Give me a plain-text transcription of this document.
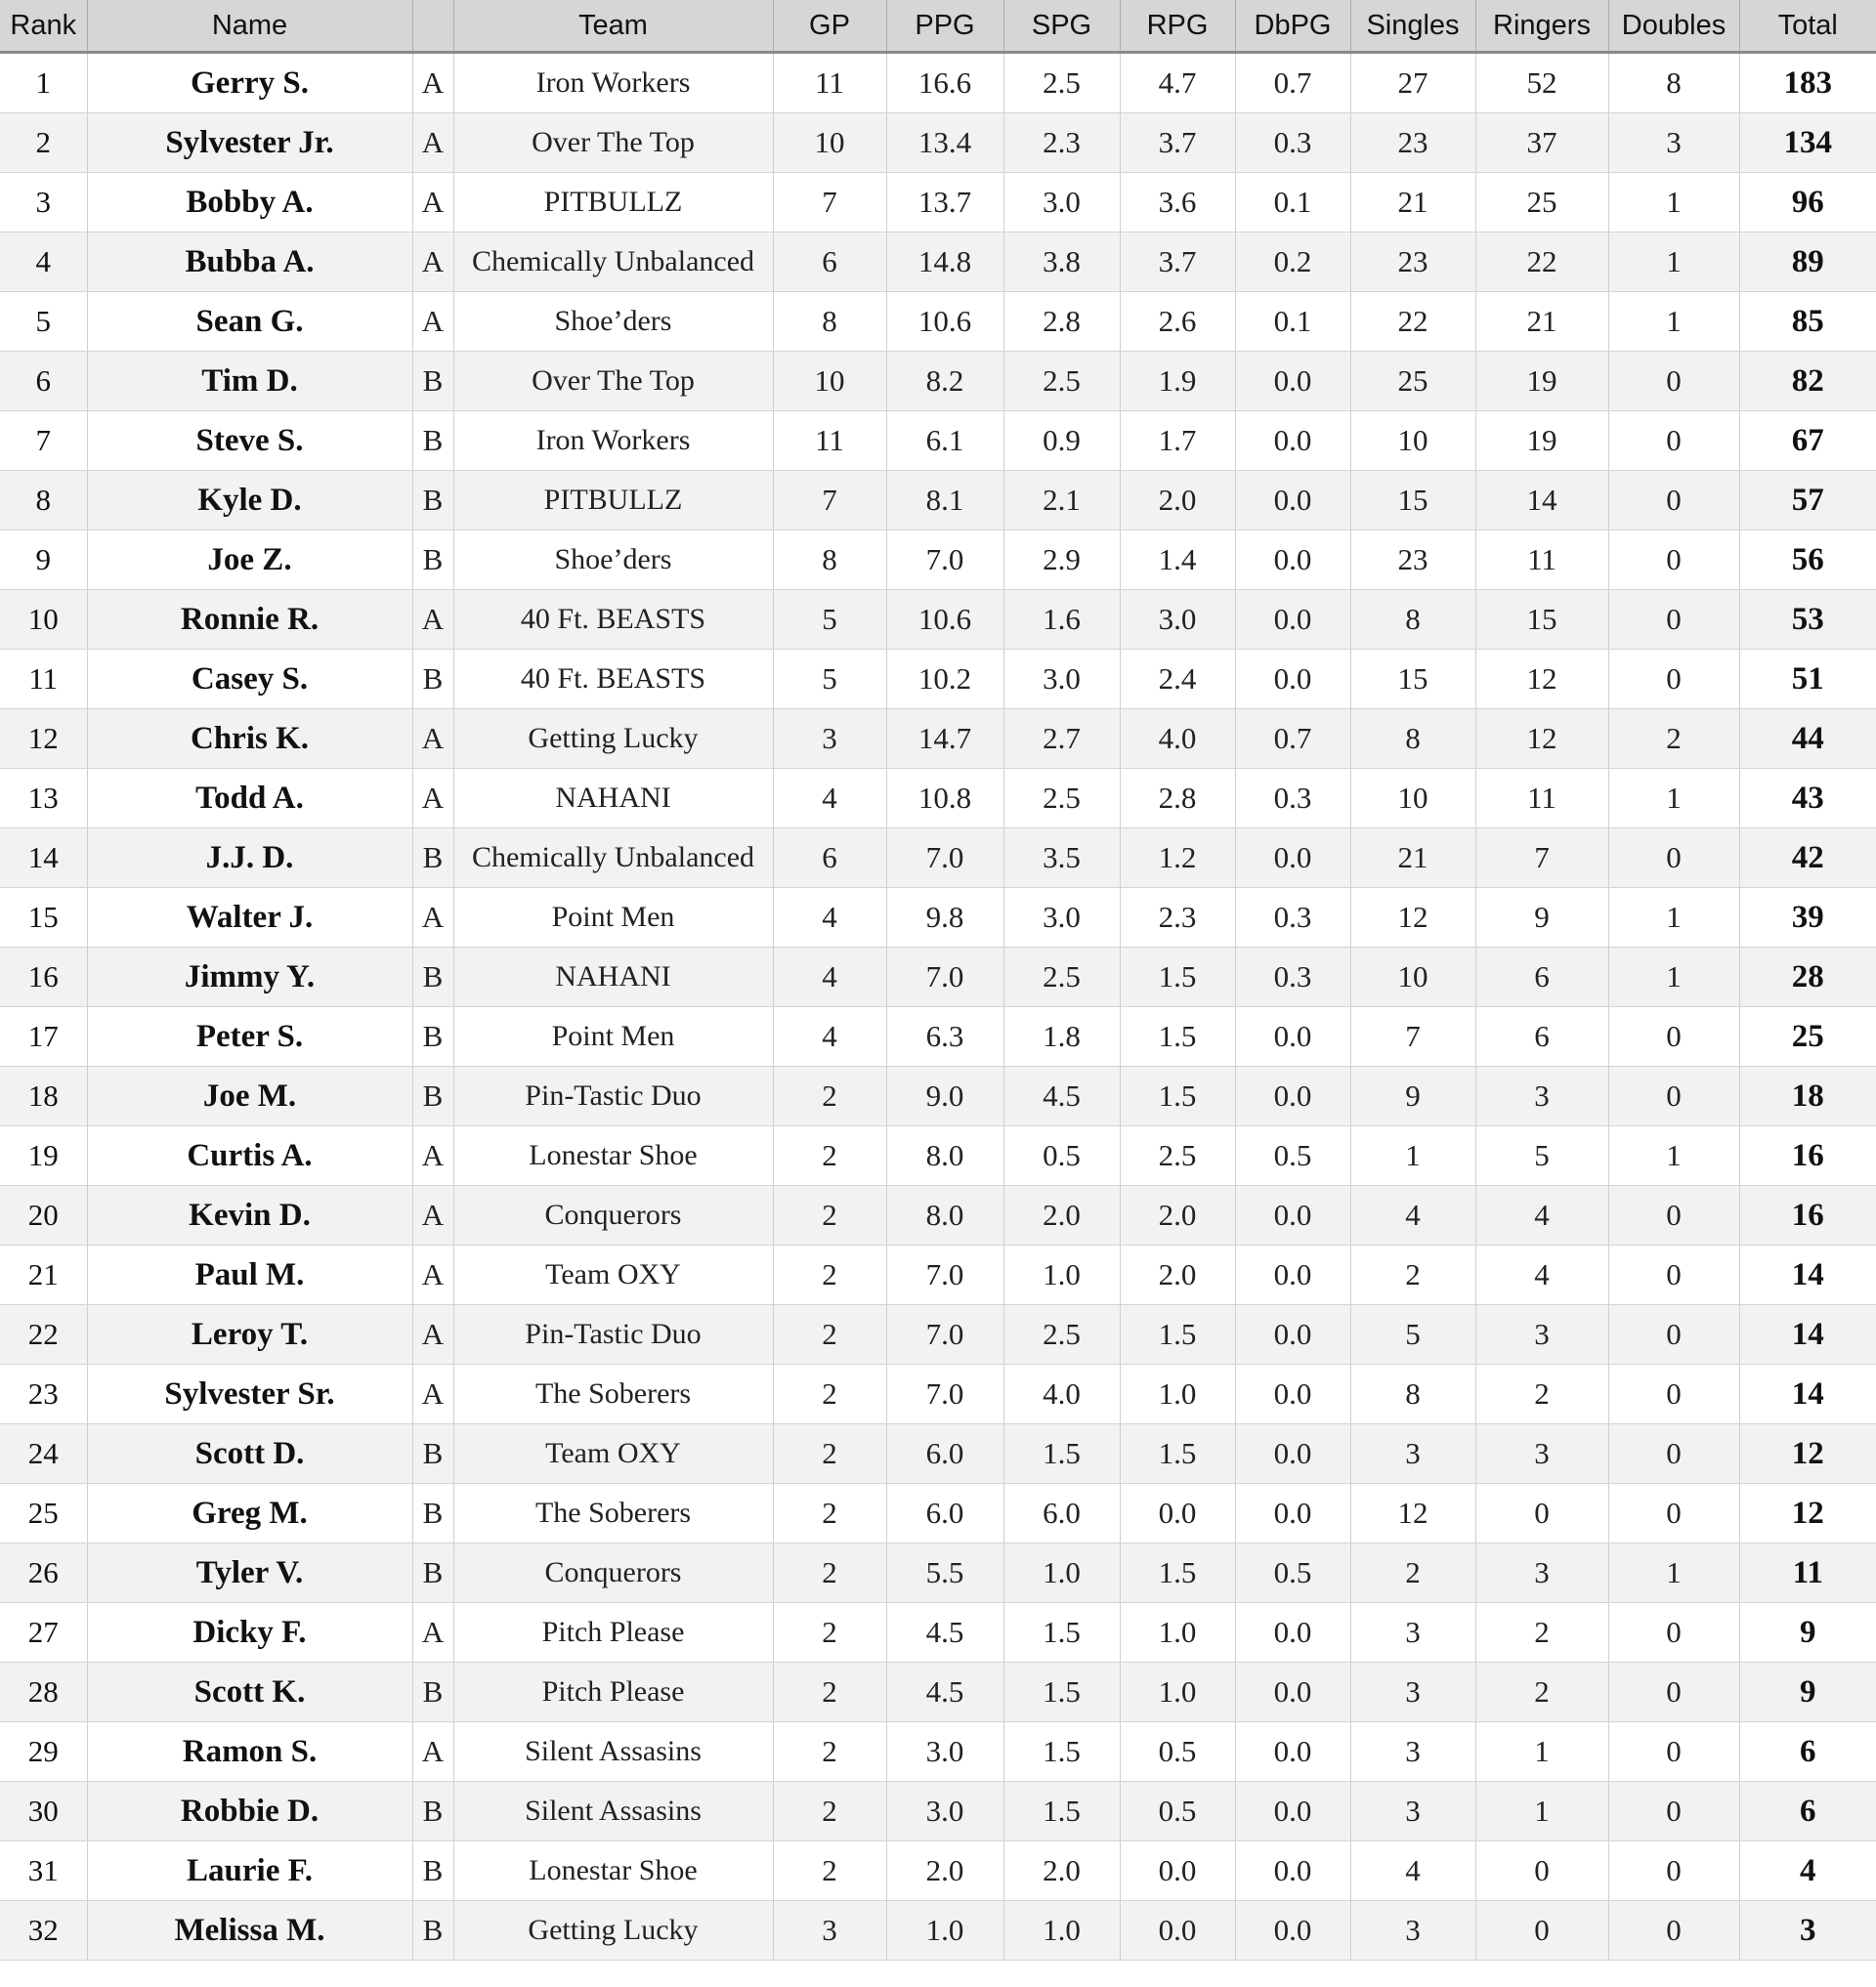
Rank	Name		Team	GP	PPG	SPG	RPG	DbPG	Singles	Ringers	Doubles	Total
1	Gerry S.	A	Iron Workers	11	16.6	2.5	4.7	0.7	27	52	8	183
2	Sylvester Jr.	A	Over The Top	10	13.4	2.3	3.7	0.3	23	37	3	134
3	Bobby A.	A	PITBULLZ	7	13.7	3.0	3.6	0.1	21	25	1	96
4	Bubba A.	A	Chemically Unbalanced	6	14.8	3.8	3.7	0.2	23	22	1	89
5	Sean G.	A	Shoe’ders	8	10.6	2.8	2.6	0.1	22	21	1	85
6	Tim D.	B	Over The Top	10	8.2	2.5	1.9	0.0	25	19	0	82
7	Steve S.	B	Iron Workers	11	6.1	0.9	1.7	0.0	10	19	0	67
8	Kyle D.	B	PITBULLZ	7	8.1	2.1	2.0	0.0	15	14	0	57
9	Joe Z.	B	Shoe’ders	8	7.0	2.9	1.4	0.0	23	11	0	56
10	Ronnie R.	A	40 Ft. BEASTS	5	10.6	1.6	3.0	0.0	8	15	0	53
11	Casey S.	B	40 Ft. BEASTS	5	10.2	3.0	2.4	0.0	15	12	0	51
12	Chris K.	A	Getting Lucky	3	14.7	2.7	4.0	0.7	8	12	2	44
13	Todd A.	A	NAHANI	4	10.8	2.5	2.8	0.3	10	11	1	43
14	J.J. D.	B	Chemically Unbalanced	6	7.0	3.5	1.2	0.0	21	7	0	42
15	Walter J.	A	Point Men	4	9.8	3.0	2.3	0.3	12	9	1	39
16	Jimmy Y.	B	NAHANI	4	7.0	2.5	1.5	0.3	10	6	1	28
17	Peter S.	B	Point Men	4	6.3	1.8	1.5	0.0	7	6	0	25
18	Joe M.	B	Pin-Tastic Duo	2	9.0	4.5	1.5	0.0	9	3	0	18
19	Curtis A.	A	Lonestar Shoe	2	8.0	0.5	2.5	0.5	1	5	1	16
20	Kevin D.	A	Conquerors	2	8.0	2.0	2.0	0.0	4	4	0	16
21	Paul M.	A	Team OXY	2	7.0	1.0	2.0	0.0	2	4	0	14
22	Leroy T.	A	Pin-Tastic Duo	2	7.0	2.5	1.5	0.0	5	3	0	14
23	Sylvester Sr.	A	The Soberers	2	7.0	4.0	1.0	0.0	8	2	0	14
24	Scott D.	B	Team OXY	2	6.0	1.5	1.5	0.0	3	3	0	12
25	Greg M.	B	The Soberers	2	6.0	6.0	0.0	0.0	12	0	0	12
26	Tyler V.	B	Conquerors	2	5.5	1.0	1.5	0.5	2	3	1	11
27	Dicky F.	A	Pitch Please	2	4.5	1.5	1.0	0.0	3	2	0	9
28	Scott K.	B	Pitch Please	2	4.5	1.5	1.0	0.0	3	2	0	9
29	Ramon S.	A	Silent Assasins	2	3.0	1.5	0.5	0.0	3	1	0	6
30	Robbie D.	B	Silent Assasins	2	3.0	1.5	0.5	0.0	3	1	0	6
31	Laurie F.	B	Lonestar Shoe	2	2.0	2.0	0.0	0.0	4	0	0	4
32	Melissa M.	B	Getting Lucky	3	1.0	1.0	0.0	0.0	3	0	0	3
